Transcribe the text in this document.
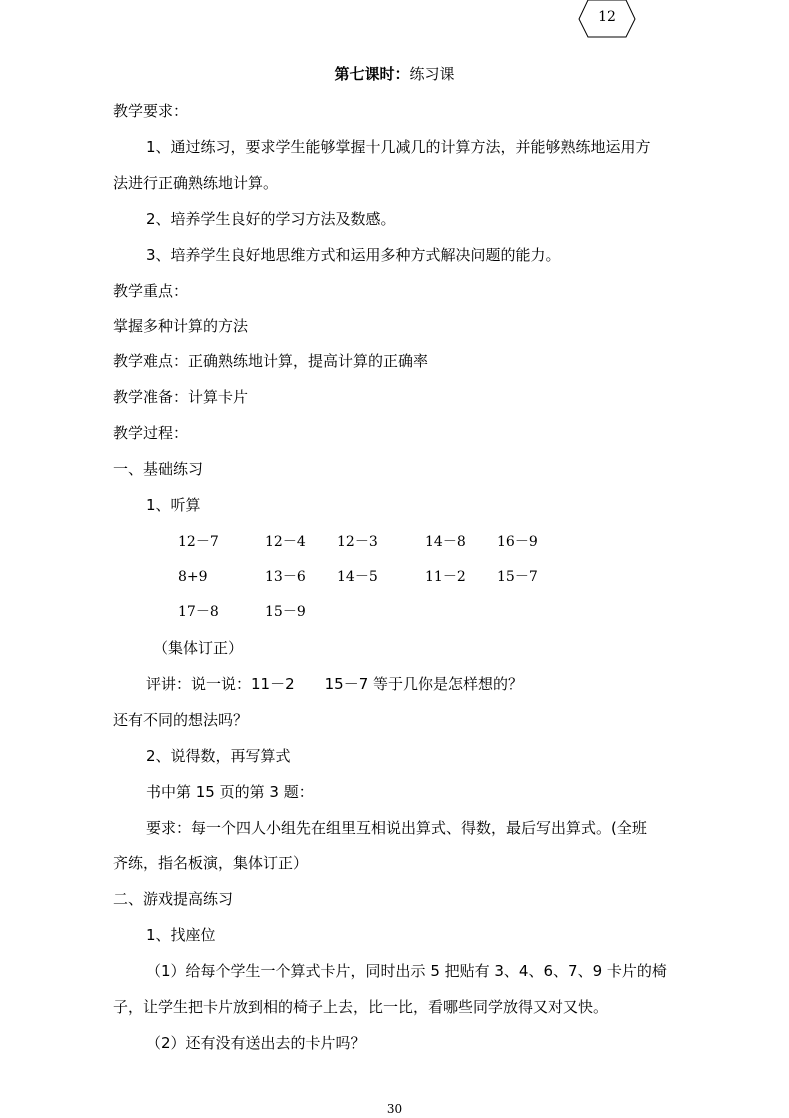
12
第七课时：练习课
教学要求：
1、通过练习，要求学生能够掌握十几减几的计算方法，并能够熟练地运用方
法进行正确熟练地计算。
2、培养学生良好的学习方法及数感。
3、培养学生良好地思维方式和运用多种方式解决问题的能力。
教学重点：
掌握多种计算的方法
教学难点：正确熟练地计算，提高计算的正确率
教学准备：计算卡片
教学过程：
一、基础练习
1、听算
12－7	12－4 12－3	14－8 16－9
8+9	13－6 14－5	11－2 15－7
17－8	15－9
（集体订正）
评讲：说一说：11－2　　15－7 等于几你是怎样想的？
还有不同的想法吗？
2、说得数，再写算式
书中第 15 页的第 3 题：
要求：每一个四人小组先在组里互相说出算式、得数，最后写出算式。(全班
齐练，指名板演，集体订正）
二、游戏提高练习
1、找座位
（1）给每个学生一个算式卡片，同时出示 5 把贴有 3、4、6、7、9 卡片的椅
子，让学生把卡片放到相的椅子上去，比一比，看哪些同学放得又对又快。
（2）还有没有送出去的卡片吗？
30
